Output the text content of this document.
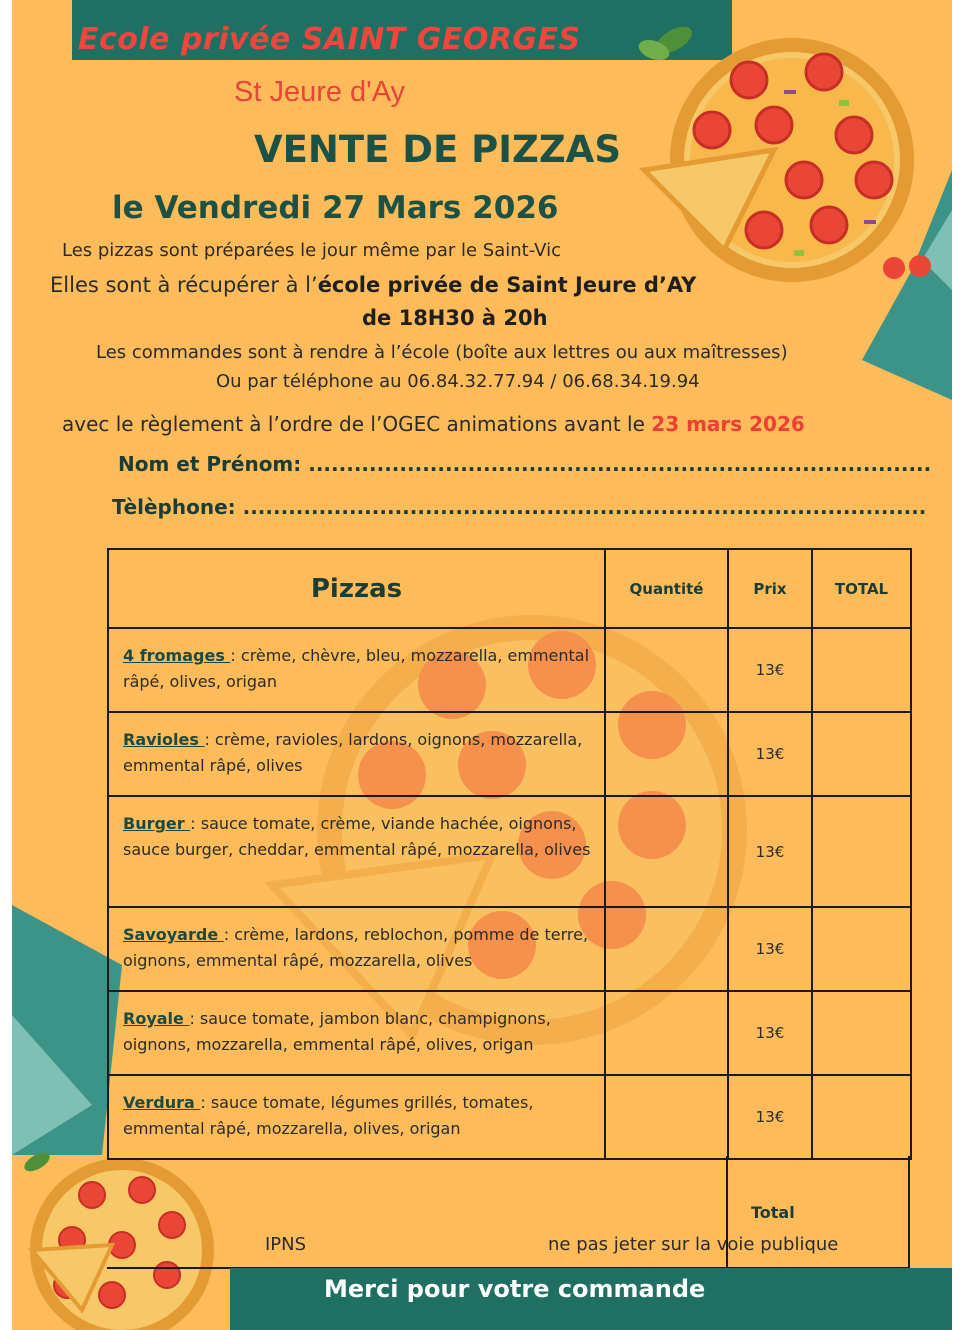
Ecole privée SAINT GEORGES
St Jeure d'Ay
VENTE DE PIZZAS
le Vendredi 27 Mars 2026
Les pizzas sont préparées le jour même par le Saint-Vic
Elles sont à récupérer à l’école privée de Saint Jeure d’AY
de 18H30 à 20h
Les commandes sont à rendre à l’école (boîte aux lettres ou aux maîtresses)
Ou par téléphone au 06.84.32.77.94 / 06.68.34.19.94
avec le règlement à l’ordre de l’OGEC animations avant le 23 mars 2026
Nom et Prénom: ..................................................................................
Tèlèphone: ..........................................................................................
Pizzas	Quantité	Prix	TOTAL
4 fromages : crème, chèvre, bleu, mozzarella, emmental râpé, olives, origan		13€	
Ravioles : crème, ravioles, lardons, oignons, mozzarella, emmental râpé, olives		13€	
Burger : sauce tomate, crème, viande hachée, oignons, sauce burger, cheddar, emmental râpé, mozzarella, olives		13€	
Savoyarde : crème, lardons, reblochon, pomme de terre, oignons, emmental râpé, mozzarella, olives		13€	
Royale : sauce tomate, jambon blanc, champignons, oignons, mozzarella, emmental râpé, olives, origan		13€	
Verdura : sauce tomate, légumes grillés, tomates, emmental râpé, mozzarella, olives, origan		13€	
Total
IPNS	ne pas jeter sur la voie publique
Merci pour votre commande
